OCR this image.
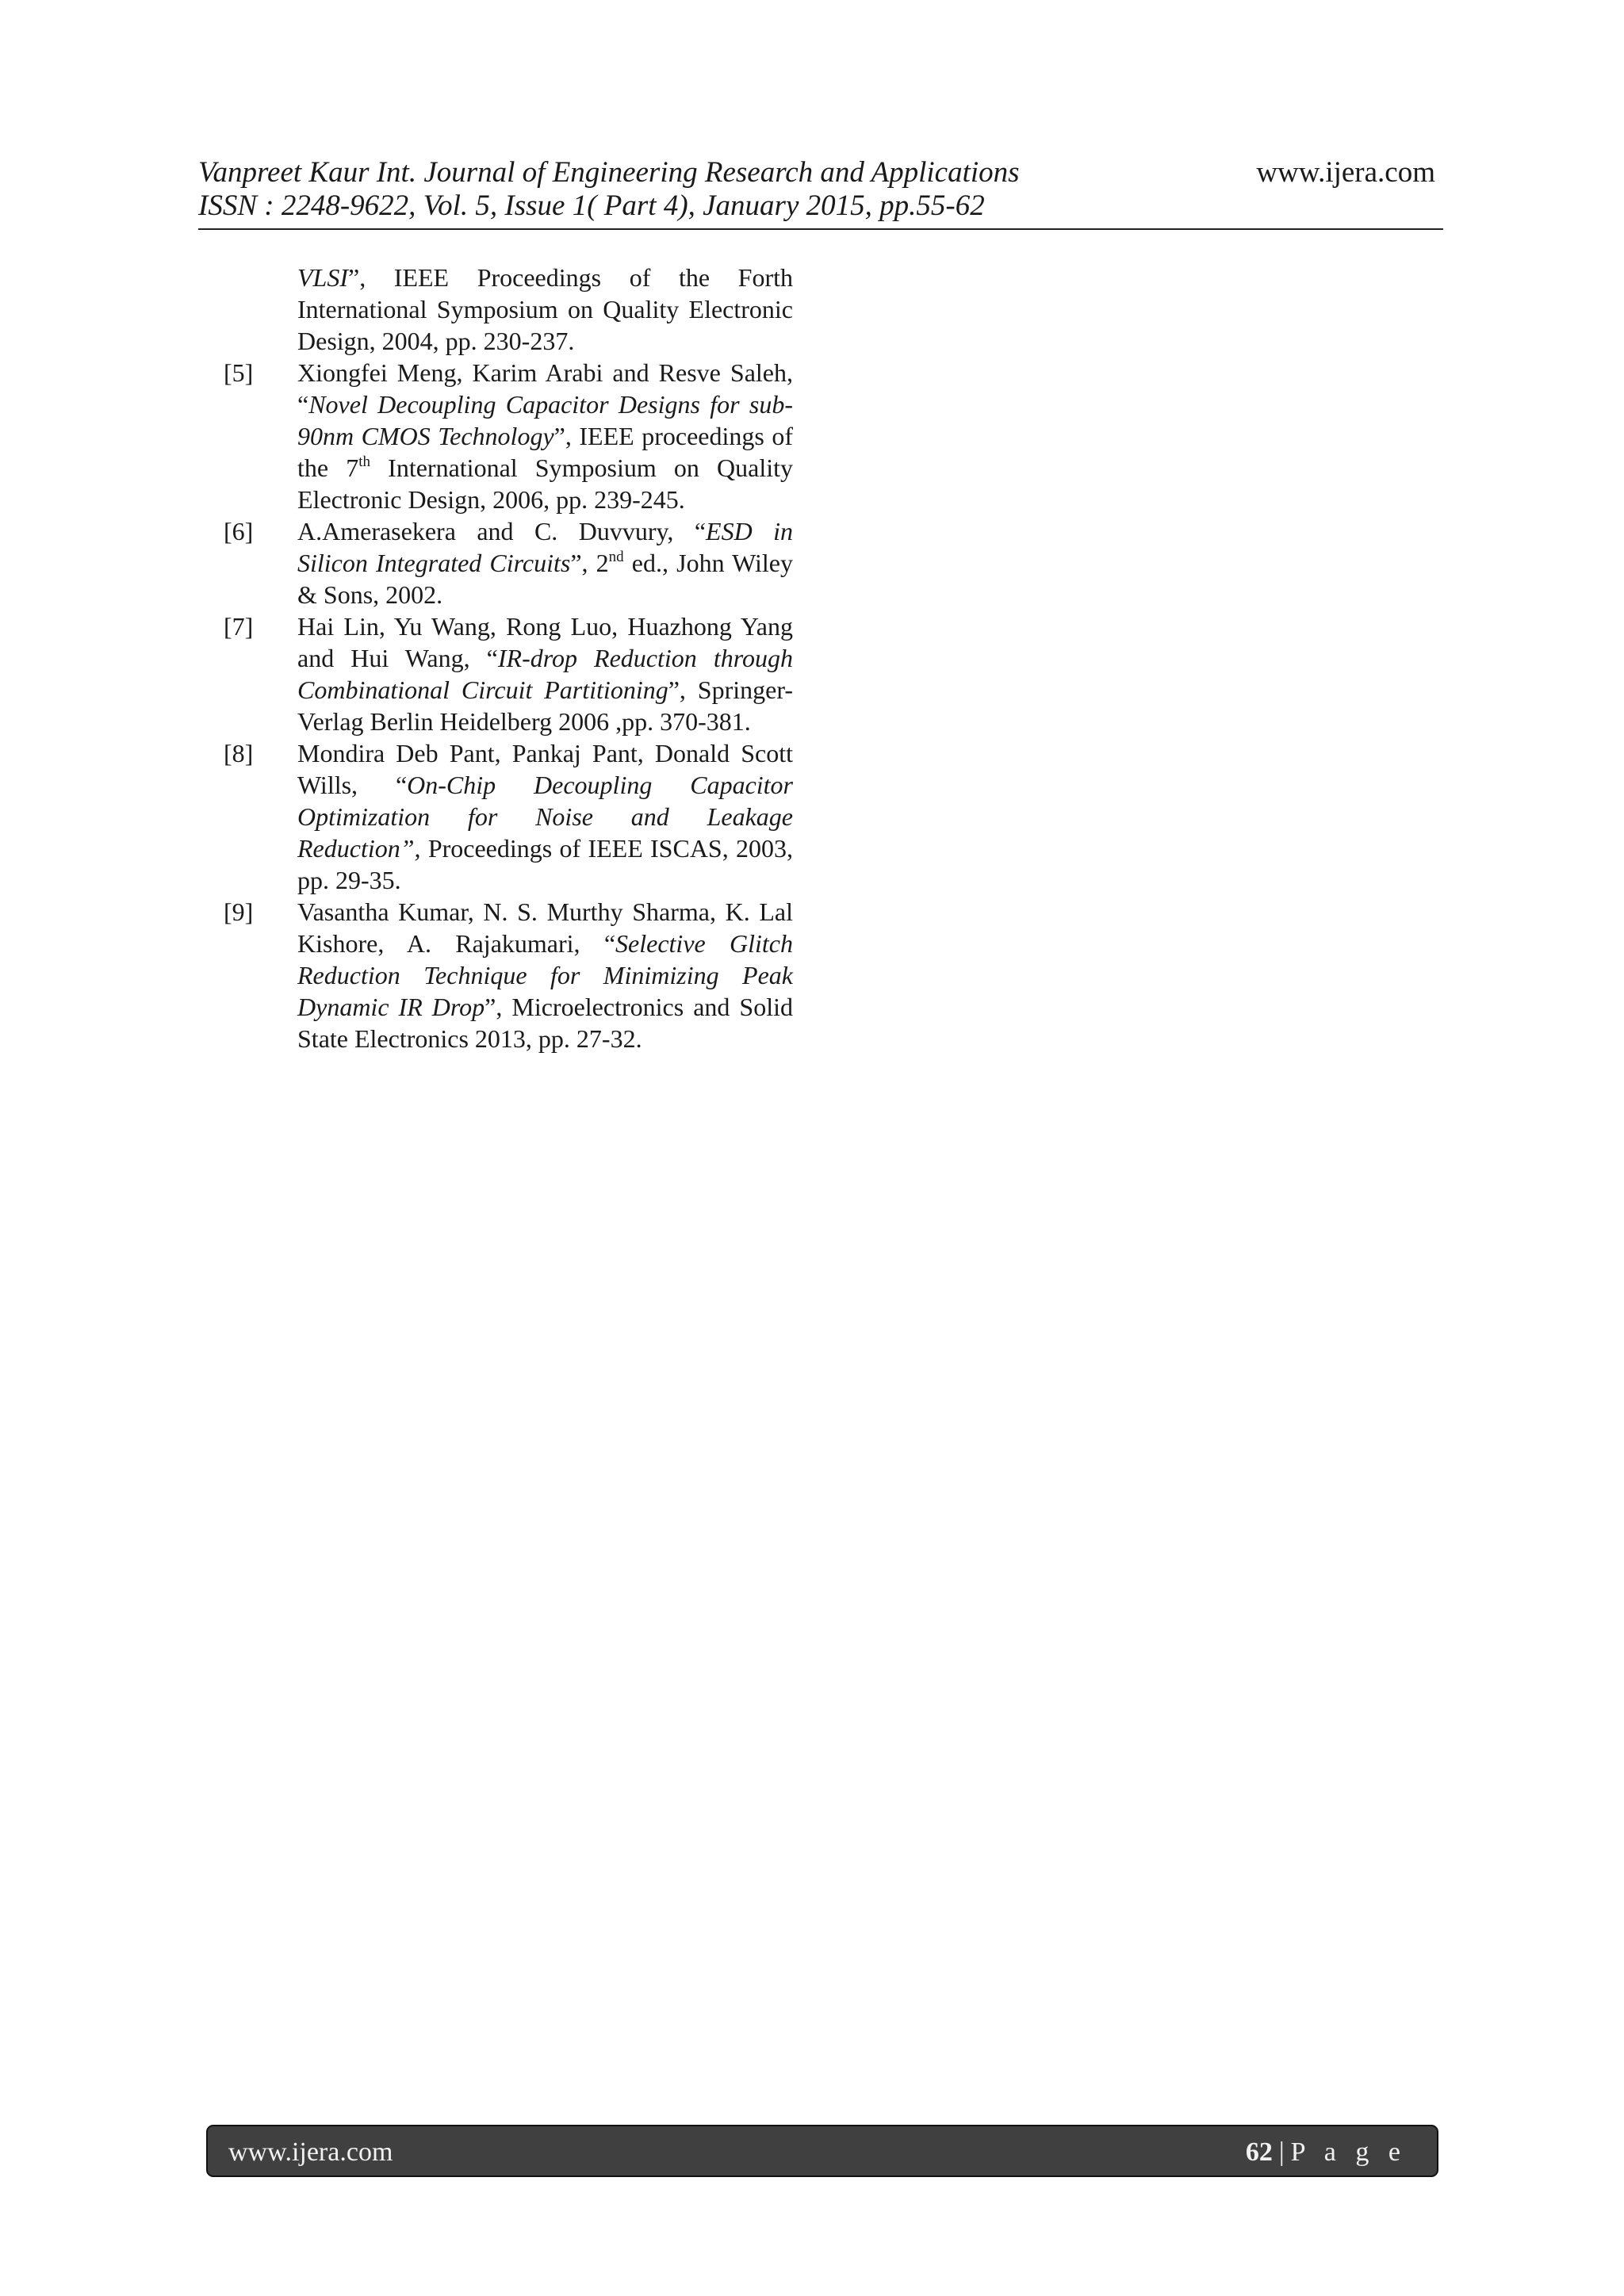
Vanpreet Kaur Int. Journal of Engineering Research and Applications
ISSN : 2248-9622, Vol. 5, Issue 1( Part 4), January 2015, pp.55-62
www.ijera.com
VLSI”, IEEE Proceedings of the Forth International Symposium on Quality Electronic Design, 2004, pp. 230-237.
[5] Xiongfei Meng, Karim Arabi and Resve Saleh, “Novel Decoupling Capacitor Designs for sub-90nm CMOS Technology”, IEEE proceedings of the 7th International Symposium on Quality Electronic Design, 2006, pp. 239-245.
[6] A.Amerasekera and C. Duvvury, “ESD in Silicon Integrated Circuits”, 2nd ed., John Wiley & Sons, 2002.
[7] Hai Lin, Yu Wang, Rong Luo, Huazhong Yang and Hui Wang, “IR-drop Reduction through Combinational Circuit Partitioning”, Springer-Verlag Berlin Heidelberg 2006 ,pp. 370-381.
[8] Mondira Deb Pant, Pankaj Pant, Donald Scott Wills, “On-Chip Decoupling Capacitor Optimization for Noise and Leakage Reduction”, Proceedings of IEEE ISCAS, 2003, pp. 29-35.
[9] Vasantha Kumar, N. S. Murthy Sharma, K. Lal Kishore, A. Rajakumari, “Selective Glitch Reduction Technique for Minimizing Peak Dynamic IR Drop”, Microelectronics and Solid State Electronics 2013, pp. 27-32.
www.ijera.com	62 | P a g e
